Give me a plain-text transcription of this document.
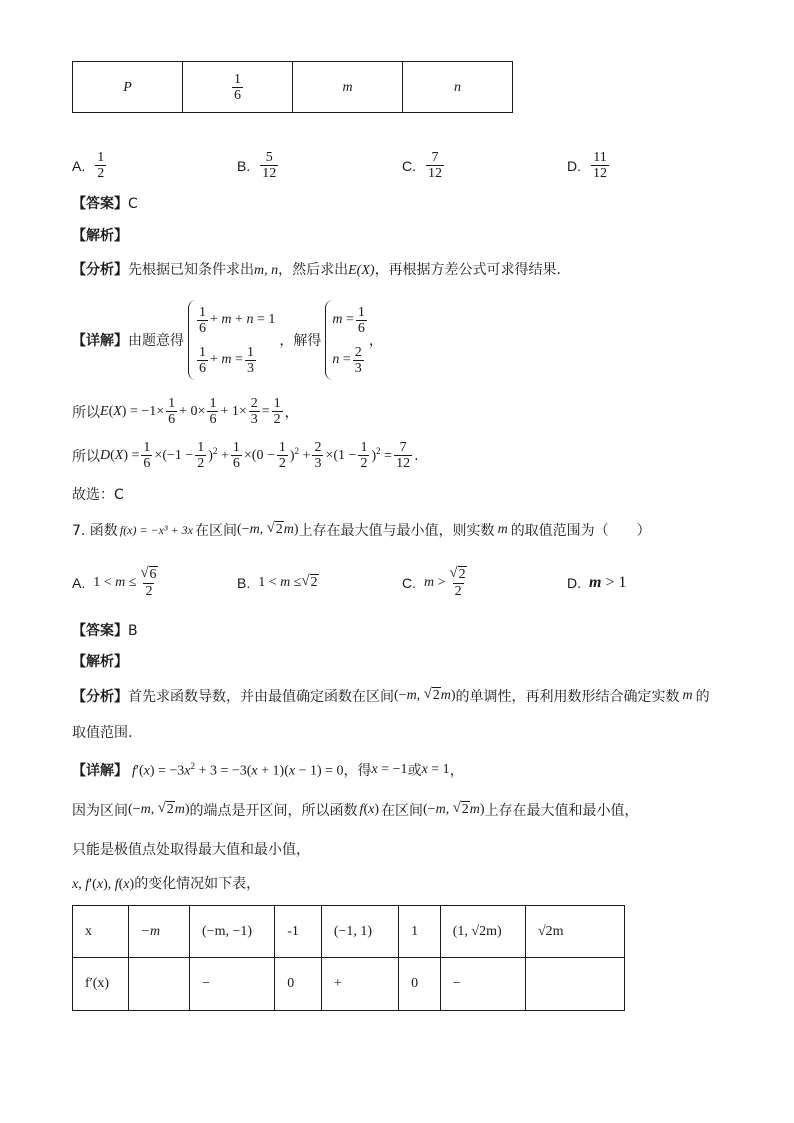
P	$\frac{1}{6}$	m	n
A. $\frac{1}{2}$	B. $\frac{5}{12}$	C. $\frac{7}{12}$	D. $\frac{11}{12}$
【答案】C
【解析】
【分析】先根据已知条件求出m, n，然后求出E(X)，再根据方差公式可求得结果.
【详解】 由题意得
$\frac{1}{6} + m + n = 1$
$\frac{1}{6} + m = \frac{1}{3}$
，解得
$m = \frac{1}{6}$
$n = \frac{2}{3}$
，
所以 $E(X) = -1\times \frac{1}{6} + 0\times \frac{1}{6} + 1\times \frac{2}{3} = \frac{1}{2}$ ，
所以 $D(X) = \frac{1}{6} \times(-1 - \frac{1}{2} )^2 + \frac{1}{6} \times(0 - \frac{1}{2} )^2 + \frac{2}{3} \times(1 - \frac{1}{2} )^2 = \frac{7}{12}$ .
故选：C
7. 函数 f(x) = −x³ + 3x 在区间 (−m, √ 2 m) 上存在最大值与最小值，则实数 m 的取值范围为（　　）
A. $1 < m \le \frac{√ 6}{2}$	B. 1 < m ≤ √ 2	C. $m > \frac{√ 2}{2}$	D. m > 1
【答案】B
【解析】
【分析】 首先求函数导数，并由最值确定函数在区间 (−m, √ 2 m) 的单调性，再利用数形结合确定实数 m 的
取值范围.
【详解】 $f'(x) = -3x^2 + 3 = -3(x + 1)(x - 1) = 0$ ，得 x = −1 或 x = 1 ，
因为区间 (−m, √ 2 m) 的端点是开区间，所以函数 f(x) 在区间 (−m, √ 2 m) 上存在最大值和最小值，
只能是极值点处取得最大值和最小值，
x, f′(x), f(x)的变化情况如下表，
x	−m	(−m, −1)	-1	(−1, 1)	1	(1, √2m)	√2m
f′(x)		−	0	+	0	−	
